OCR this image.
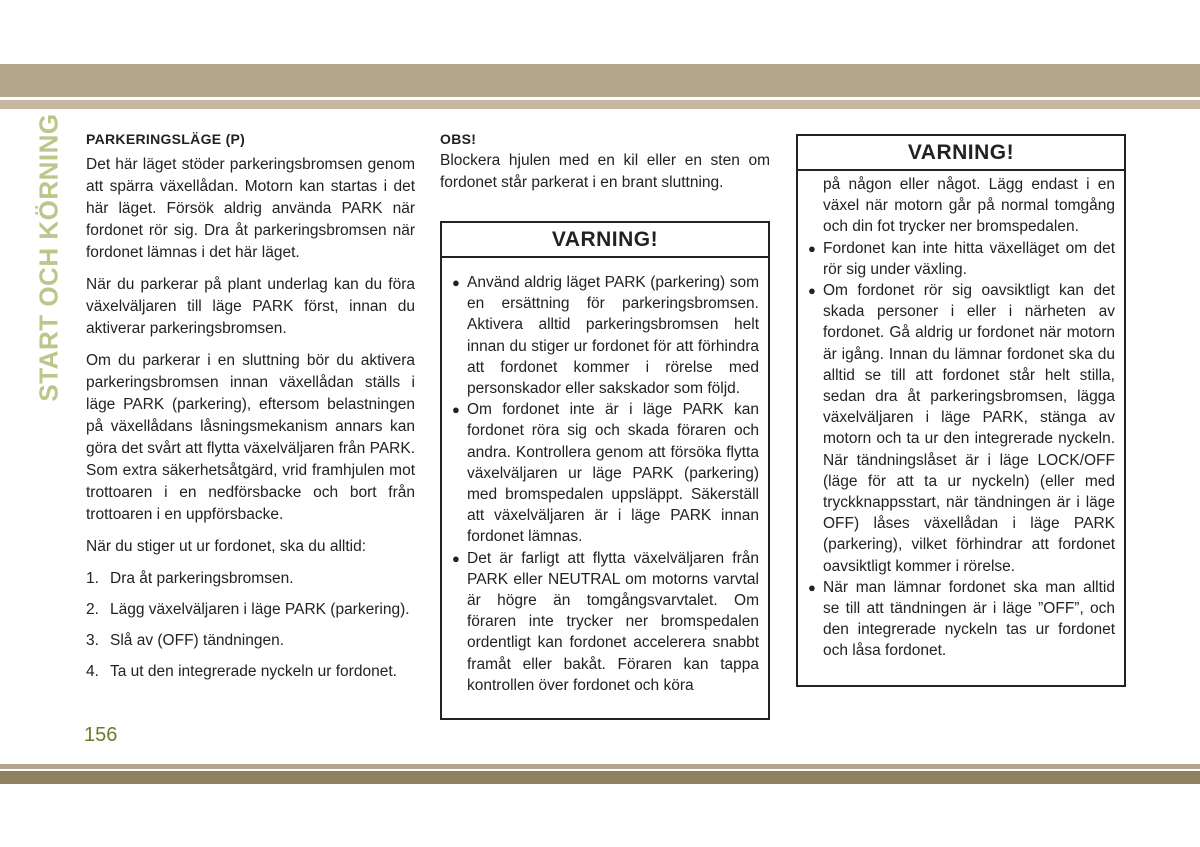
START OCH KÖRNING PARKERINGSLÄGE (P)

Det här läget stöder parkeringsbromsen genom att spärra växellådan. Motorn kan startas i det här läget. Försök aldrig använda PARK när fordonet rör sig. Dra åt parkeringsbromsen när fordonet lämnas i det här läget.

När du parkerar på plant underlag kan du föra växelväljaren till läge PARK först, innan du aktiverar parkeringsbromsen.

Om du parkerar i en sluttning bör du aktivera parkeringsbromsen innan växellådan ställs i läge PARK (parkering), eftersom belastningen på växellådans låsningsmekanism annars kan göra det svårt att flytta växelväljaren från PARK. Som extra säkerhetsåtgärd, vrid framhjulen mot trottoaren i en nedförsbacke och bort från trottoaren i en uppförsbacke.

När du stiger ut ur fordonet, ska du alltid:

1. Dra åt parkeringsbromsen.
2. Lägg växelväljaren i läge PARK (parkering).
3. Slå av (OFF) tändningen.
4. Ta ut den integrerade nyckeln ur fordonet.
OBS!

Blockera hjulen med en kil eller en sten om fordonet står parkerat i en brant sluttning.

VARNING!
● Använd aldrig läget PARK (parkering) som en ersättning för parkeringsbromsen. Aktivera alltid parkeringsbromsen helt innan du stiger ur fordonet för att förhindra att fordonet kommer i rörelse med personskador eller sakskador som följd.
● Om fordonet inte är i läge PARK kan fordonet röra sig och skada föraren och andra. Kontrollera genom att försöka flytta växelväljaren ur läge PARK (parkering) med bromspedalen uppsläppt. Säkerställ att växelväljaren är i läge PARK innan fordonet lämnas.
● Det är farligt att flytta växelväljaren från PARK eller NEUTRAL om motorns varvtal är högre än tomgångsvarvtalet. Om föraren inte trycker ner bromspedalen ordentligt kan fordonet accelerera snabbt framåt eller bakåt. Föraren kan tappa kontrollen över fordonet och köra
VARNING!
på någon eller något. Lägg endast i en växel när motorn går på normal tomgång och din fot trycker ner bromspedalen.
● Fordonet kan inte hitta växelläget om det rör sig under växling.
● Om fordonet rör sig oavsiktligt kan det skada personer i eller i närheten av fordonet. Gå aldrig ur fordonet när motorn är igång. Innan du lämnar fordonet ska du alltid se till att fordonet står helt stilla, sedan dra åt parkeringsbromsen, lägga växelväljaren i läge PARK, stänga av motorn och ta ur den integrerade nyckeln. När tändningslåset är i läge LOCK/OFF (läge för att ta ur nyckeln) (eller med tryckknappsstart, när tändningen är i läge OFF) låses växellådan i läge PARK (parkering), vilket förhindrar att fordonet oavsiktligt kommer i rörelse.
● När man lämnar fordonet ska man alltid se till att tändningen är i läge ”OFF”, och den integrerade nyckeln tas ur fordonet och låsa fordonet.
156
